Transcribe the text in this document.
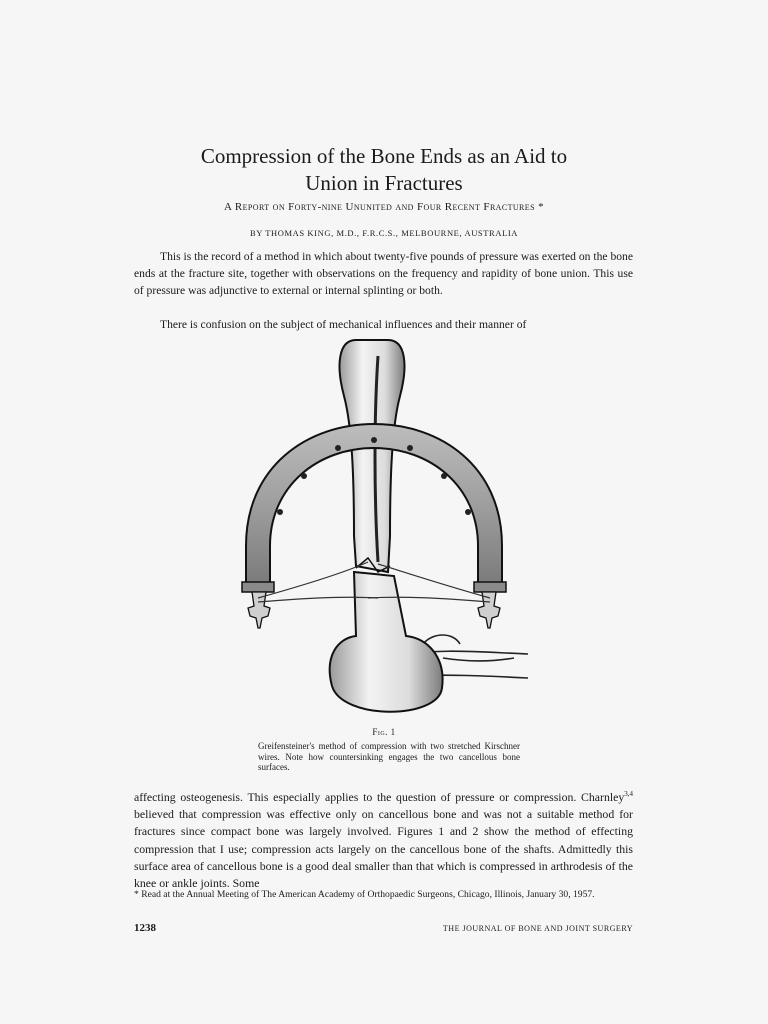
Compression of the Bone Ends as an Aid to
Union in Fractures
A Report on Forty-nine Ununited and Four Recent Fractures *
BY THOMAS KING, M.D., F.R.C.S., MELBOURNE, AUSTRALIA

This is the record of a method in which about twenty-five pounds of pressure was exerted on the bone ends at the fracture site, together with observations on the frequency and rapidity of bone union. This use of pressure was adjunctive to external or internal splinting or both.

There is confusion on the subject of mechanical influences and their manner of

Fig. 1
Greifensteiner's method of compression with two stretched Kirschner wires. Note how countersinking engages the two cancellous bone surfaces.

affecting osteogenesis. This especially applies to the question of pressure or compression. Charnley$^{3,4}$ believed that compression was effective only on cancellous bone and was not a suitable method for fractures since compact bone was largely involved. Figures 1 and 2 show the method of effecting compression that I use; compression acts largely on the cancellous bone of the shafts. Admittedly this surface area of cancellous bone is a good deal smaller than that which is compressed in arthrodesis of the knee or ankle joints. Some

* Read at the Annual Meeting of The American Academy of Orthopaedic Surgeons, Chicago, Illinois, January 30, 1957.
1238	THE JOURNAL OF BONE AND JOINT SURGERY
